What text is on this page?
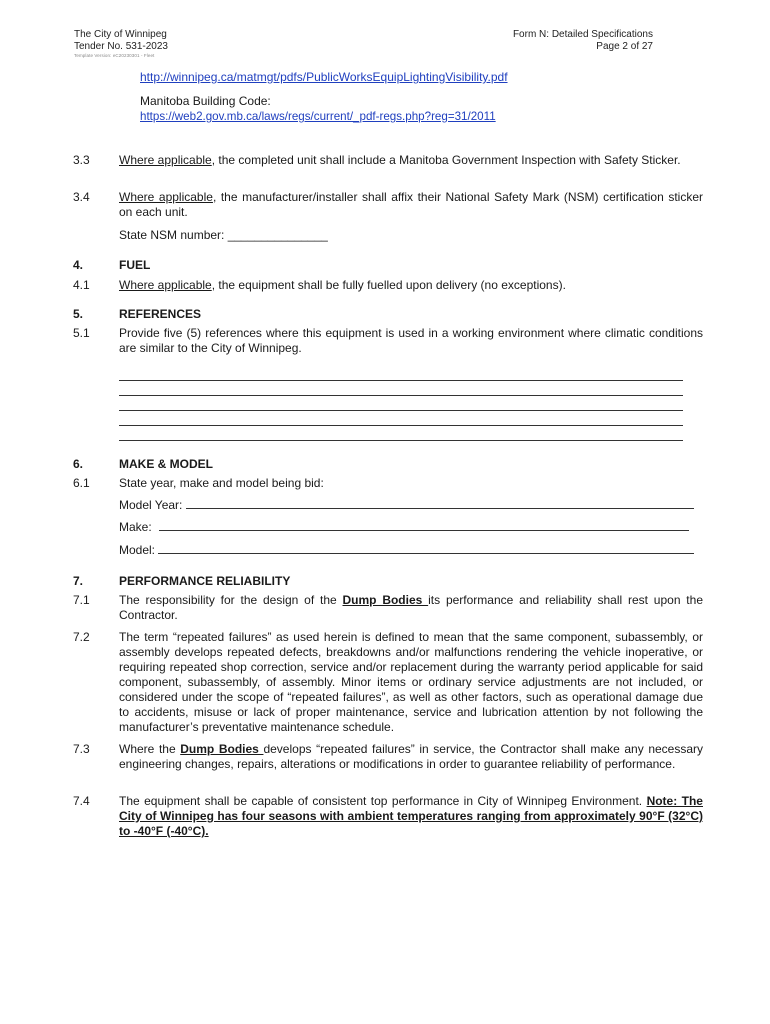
The City of Winnipeg
Tender No. 531-2023
Template Version: eC20230301 - Fleet
Form N: Detailed Specifications
Page 2 of 27
http://winnipeg.ca/matmgt/pdfs/PublicWorksEquipLightingVisibility.pdf
Manitoba Building Code:
https://web2.gov.mb.ca/laws/regs/current/_pdf-regs.php?reg=31/2011
3.3 Where applicable, the completed unit shall include a Manitoba Government Inspection with Safety Sticker.
3.4 Where applicable, the manufacturer/installer shall affix their National Safety Mark (NSM) certification sticker on each unit.
State NSM number: _______________
4.	FUEL
4.1 Where applicable, the equipment shall be fully fuelled upon delivery (no exceptions).
5.	REFERENCES
5.1 Provide five (5) references where this equipment is used in a working environment where climatic conditions are similar to the City of Winnipeg.
6.	MAKE & MODEL
6.1 State year, make and model being bid:
Model Year:
Make:
Model:
7.	PERFORMANCE RELIABILITY
7.1 The responsibility for the design of the Dump Bodies its performance and reliability shall rest upon the Contractor.
7.2 The term “repeated failures” as used herein is defined to mean that the same component, subassembly, or assembly develops repeated defects, breakdowns and/or malfunctions rendering the vehicle inoperative, or requiring repeated shop correction, service and/or replacement during the warranty period applicable for said component, subassembly, of assembly. Minor items or ordinary service adjustments are not included, or considered under the scope of “repeated failures”, as well as other factors, such as operational damage due to accidents, misuse or lack of proper maintenance, service and lubrication attention by not following the manufacturer’s preventative maintenance schedule.
7.3 Where the Dump Bodies develops “repeated failures” in service, the Contractor shall make any necessary engineering changes, repairs, alterations or modifications in order to guarantee reliability of performance.
7.4 The equipment shall be capable of consistent top performance in City of Winnipeg Environment. Note: The City of Winnipeg has four seasons with ambient temperatures ranging from approximately 90°F (32°C) to -40°F (-40°C).
